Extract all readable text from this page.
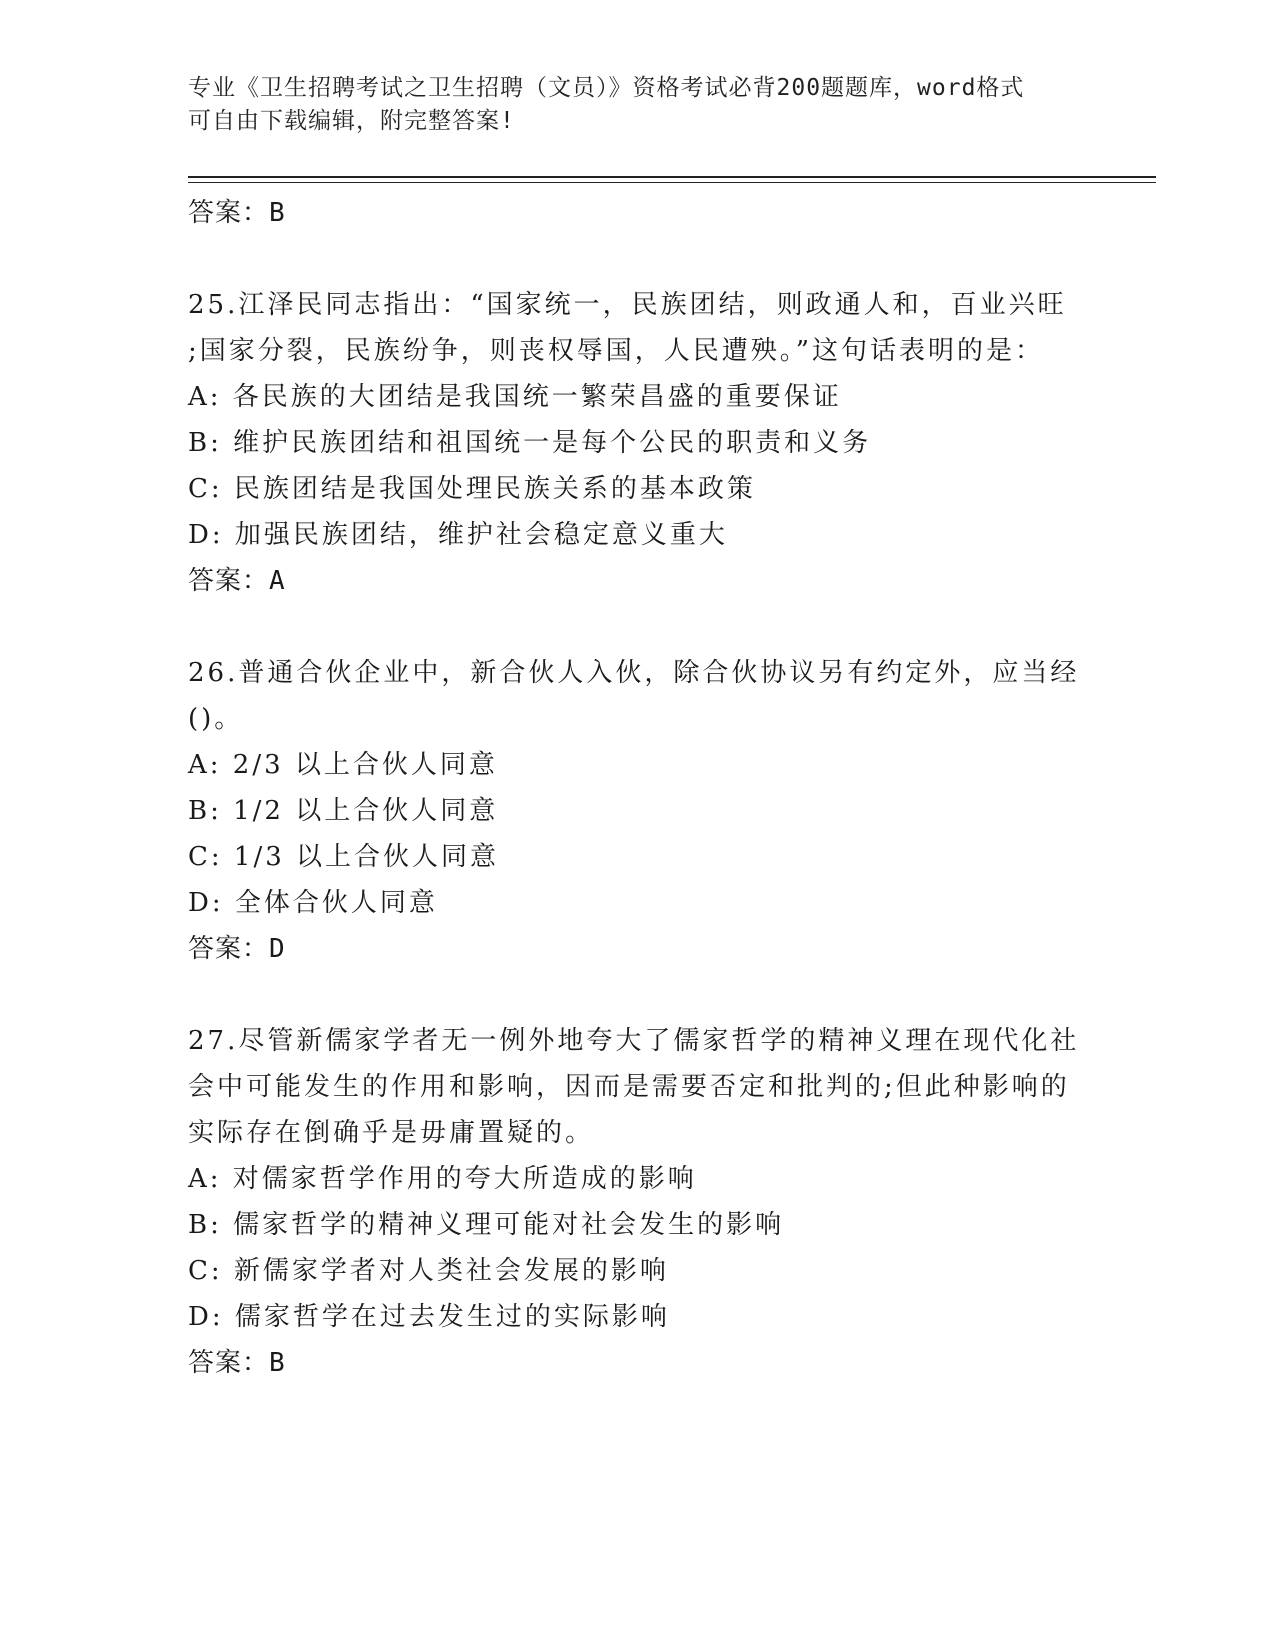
专业《卫生招聘考试之卫生招聘（文员）》资格考试必背200题题库，word格式
可自由下载编辑，附完整答案!

答案：B

25.江泽民同志指出：“国家统一，民族团结，则政通人和，百业兴旺

;国家分裂，民族纷争，则丧权辱国，人民遭殃。”这句话表明的是：

A: 各民族的大团结是我国统一繁荣昌盛的重要保证

B: 维护民族团结和祖国统一是每个公民的职责和义务

C: 民族团结是我国处理民族关系的基本政策

D: 加强民族团结，维护社会稳定意义重大

答案：A

26.普通合伙企业中，新合伙人入伙，除合伙协议另有约定外，应当经

()。

A: 2/3 以上合伙人同意

B: 1/2 以上合伙人同意

C: 1/3 以上合伙人同意

D: 全体合伙人同意

答案：D

27.尽管新儒家学者无一例外地夸大了儒家哲学的精神义理在现代化社

会中可能发生的作用和影响，因而是需要否定和批判的;但此种影响的

实际存在倒确乎是毋庸置疑的。

A: 对儒家哲学作用的夸大所造成的影响

B: 儒家哲学的精神义理可能对社会发生的影响

C: 新儒家学者对人类社会发展的影响

D: 儒家哲学在过去发生过的实际影响

答案：B
